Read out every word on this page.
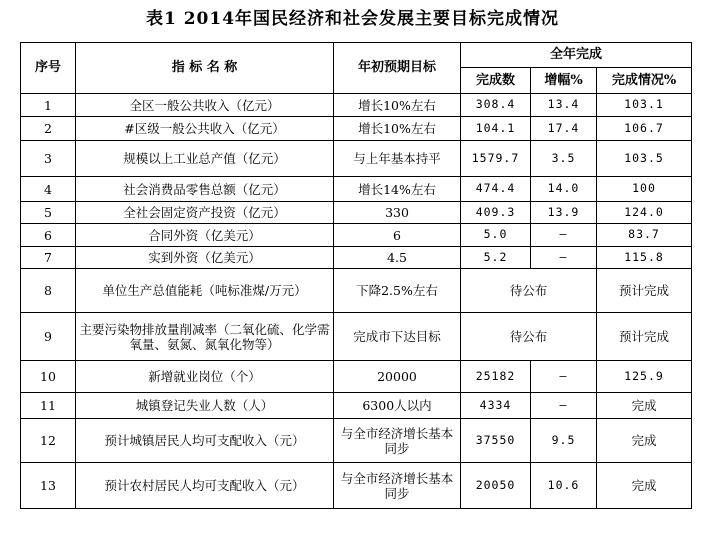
表1 2014年国民经济和社会发展主要目标完成情况
序号	指 标 名 称	年初预期目标	全年完成		
			完成数	增幅%	完成情况%
1	全区一般公共收入（亿元）	增长10%左右	308.4	13.4	103.1
2	#区级一般公共收入（亿元）	增长10%左右	104.1	17.4	106.7
3	规模以上工业总产值（亿元）	与上年基本持平	1579.7	3.5	103.5
4	社会消费品零售总额（亿元）	增长14%左右	474.4	14.0	100
5	全社会固定资产投资（亿元）	330	409.3	13.9	124.0
6	合同外资（亿美元）	6	5.0	—	83.7
7	实到外资（亿美元）	4.5	5.2	—	115.8
8	单位生产总值能耗（吨标准煤/万元）	下降2.5%左右	待公布		预计完成
9	主要污染物排放量削减率（二氧化硫、化学需氧量、氨氮、氮氧化物等）	完成市下达目标	待公布		预计完成
10	新增就业岗位（个）	20000	25182	—	125.9
11	城镇登记失业人数（人）	6300人以内	4334	—	完成
12	预计城镇居民人均可支配收入（元）	与全市经济增长基本同步	37550	9.5	完成
13	预计农村居民人均可支配收入（元）	与全市经济增长基本同步	20050	10.6	完成
